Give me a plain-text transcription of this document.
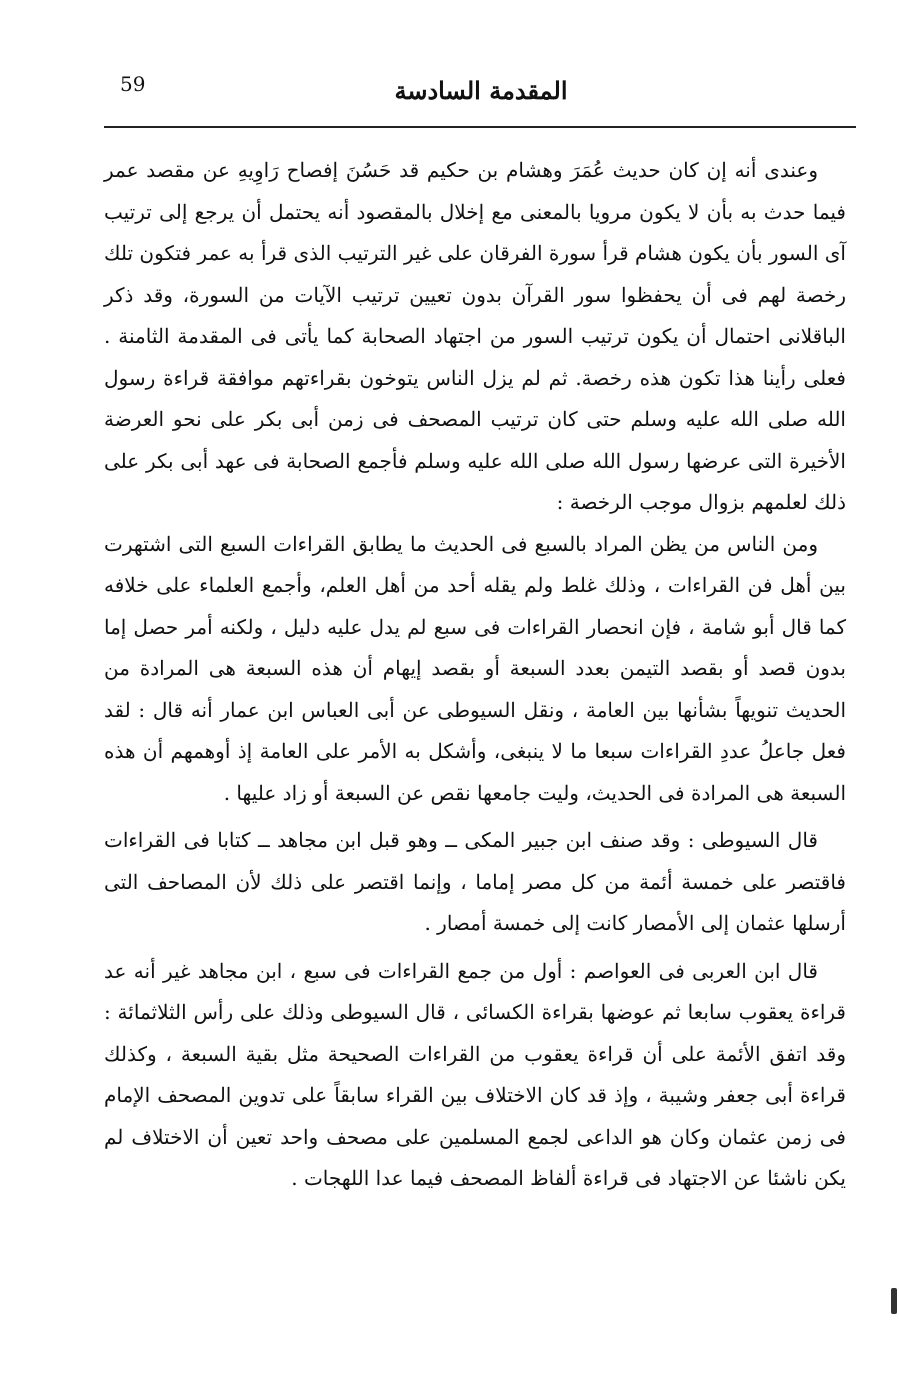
59	المقدمة السادسة

وعندى أنه إن كان حديث عُمَرَ وهشام بن حكيم قد حَسُنَ إفصاح رَاوِيهِ عن مقصد عمر فيما حدث به بأن لا يكون مرويا بالمعنى مع إخلال بالمقصود أنه يحتمل أن يرجع إلى ترتيب آى السور بأن يكون هشام قرأ سورة الفرقان على غير الترتيب الذى قرأ به عمر فتكون تلك رخصة لهم فى أن يحفظوا سور القرآن بدون تعيين ترتيب الآيات من السورة، وقد ذكر الباقلانى احتمال أن يكون ترتيب السور من اجتهاد الصحابة كما يأتى فى المقدمة الثامنة . فعلى رأينا هذا تكون هذه رخصة. ثم لم يزل الناس يتوخون بقراءتهم موافقة قراءة رسول الله صلى الله عليه وسلم حتى كان ترتيب المصحف فى زمن أبى بكر على نحو العرضة الأخيرة التى عرضها رسول الله صلى الله عليه وسلم فأجمع الصحابة فى عهد أبى بكر على ذلك لعلمهم بزوال موجب الرخصة :

ومن الناس من يظن المراد بالسبع فى الحديث ما يطابق القراءات السبع التى اشتهرت بين أهل فن القراءات ، وذلك غلط ولم يقله أحد من أهل العلم، وأجمع العلماء على خلافه كما قال أبو شامة ، فإن انحصار القراءات فى سبع لم يدل عليه دليل ، ولكنه أمر حصل إما بدون قصد أو بقصد التيمن بعدد السبعة أو بقصد إيهام أن هذه السبعة هى المرادة من الحديث تنويهاً بشأنها بين العامة ، ونقل السيوطى عن أبى العباس ابن عمار أنه قال : لقد فعل جاعلُ عددِ القراءات سبعا ما لا ينبغى، وأشكل به الأمر على العامة إذ أوهمهم أن هذه السبعة هى المرادة فى الحديث، وليت جامعها نقص عن السبعة أو زاد عليها .

قال السيوطى : وقد صنف ابن جبير المكى ــ وهو قبل ابن مجاهد ــ كتابا فى القراءات فاقتصر على خمسة أئمة من كل مصر إماما ، وإنما اقتصر على ذلك لأن المصاحف التى أرسلها عثمان إلى الأمصار كانت إلى خمسة أمصار .

قال ابن العربى فى العواصم : أول من جمع القراءات فى سبع ، ابن مجاهد غير أنه عد قراءة يعقوب سابعا ثم عوضها بقراءة الكسائى ، قال السيوطى وذلك على رأس الثلاثمائة : وقد اتفق الأئمة على أن قراءة يعقوب من القراءات الصحيحة مثل بقية السبعة ، وكذلك قراءة أبى جعفر وشيبة ، وإذ قد كان الاختلاف بين القراء سابقاً على تدوين المصحف الإمام فى زمن عثمان وكان هو الداعى لجمع المسلمين على مصحف واحد تعين أن الاختلاف لم يكن ناشئا عن الاجتهاد فى قراءة ألفاظ المصحف فيما عدا اللهجات .
